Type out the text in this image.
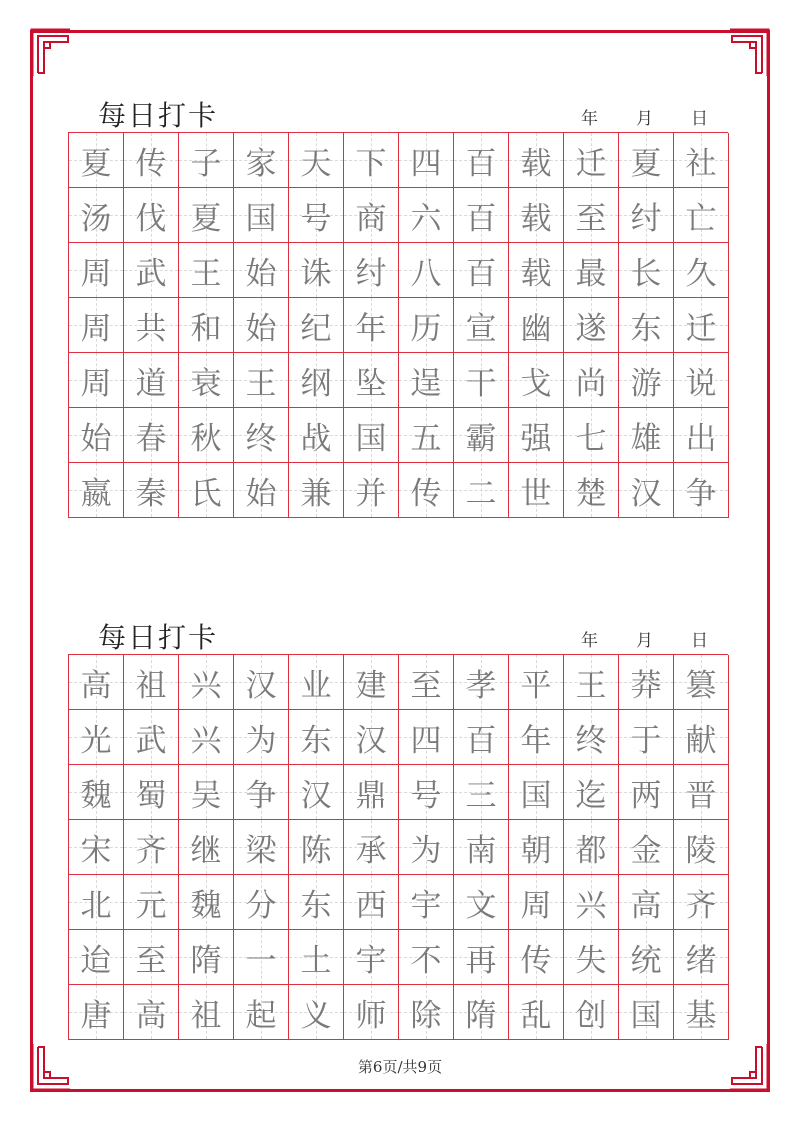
每日打卡	年 月 日
夏 传 子 家 天 下 四 百 载 迁 夏 社
汤 伐 夏 国 号 商 六 百 载 至 纣 亡
周 武 王 始 诛 纣 八 百 载 最 长 久
周 共 和 始 纪 年 历 宣 幽 遂 东 迁
周 道 衰 王 纲 坠 逞 干 戈 尚 游 说
始 春 秋 终 战 国 五 霸 强 七 雄 出
嬴 秦 氏 始 兼 并 传 二 世 楚 汉 争
每日打卡	年 月 日
高 祖 兴 汉 业 建 至 孝 平 王 莽 篡
光 武 兴 为 东 汉 四 百 年 终 于 献
魏 蜀 吴 争 汉 鼎 号 三 国 迄 两 晋
宋 齐 继 梁 陈 承 为 南 朝 都 金 陵
北 元 魏 分 东 西 宇 文 周 兴 高 齐
迨 至 隋 一 土 宇 不 再 传 失 统 绪
唐 高 祖 起 义 师 除 隋 乱 创 国 基
第6页/共9页
